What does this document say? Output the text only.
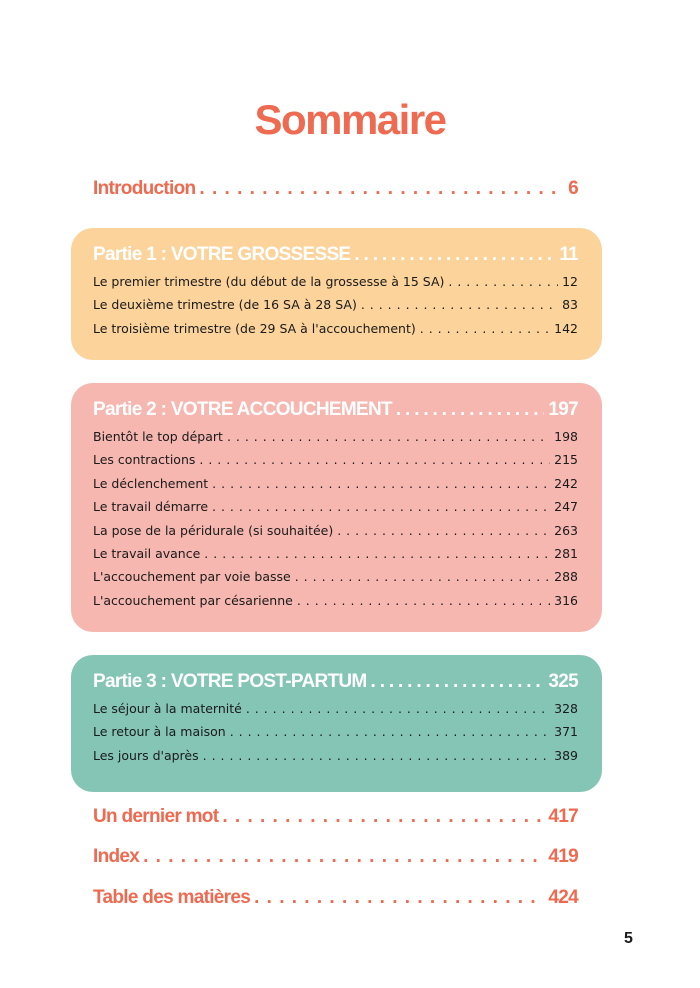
Sommaire
Introduction . . .	6
Partie 1 : VOTRE GROSSESSE . . .	11
Le premier trimestre (du début de la grossesse à 15 SA) . . .	12
Le deuxième trimestre (de 16 SA à 28 SA) . . .	83
Le troisième trimestre (de 29 SA à l'accouchement) . . .	142
Partie 2 : VOTRE ACCOUCHEMENT . . .	197
Bientôt le top départ . . .	198
Les contractions . . .	215
Le déclenchement . . .	242
Le travail démarre . . .	247
La pose de la péridurale (si souhaitée) . . .	263
Le travail avance . . .	281
L'accouchement par voie basse . . .	288
L'accouchement par césarienne . . .	316
Partie 3 : VOTRE POST-PARTUM . . .	325
Le séjour à la maternité . . .	328
Le retour à la maison . . .	371
Les jours d'après . . .	389
Un dernier mot . . .	417
Index . . .	419
Table des matières . . .	424
5
